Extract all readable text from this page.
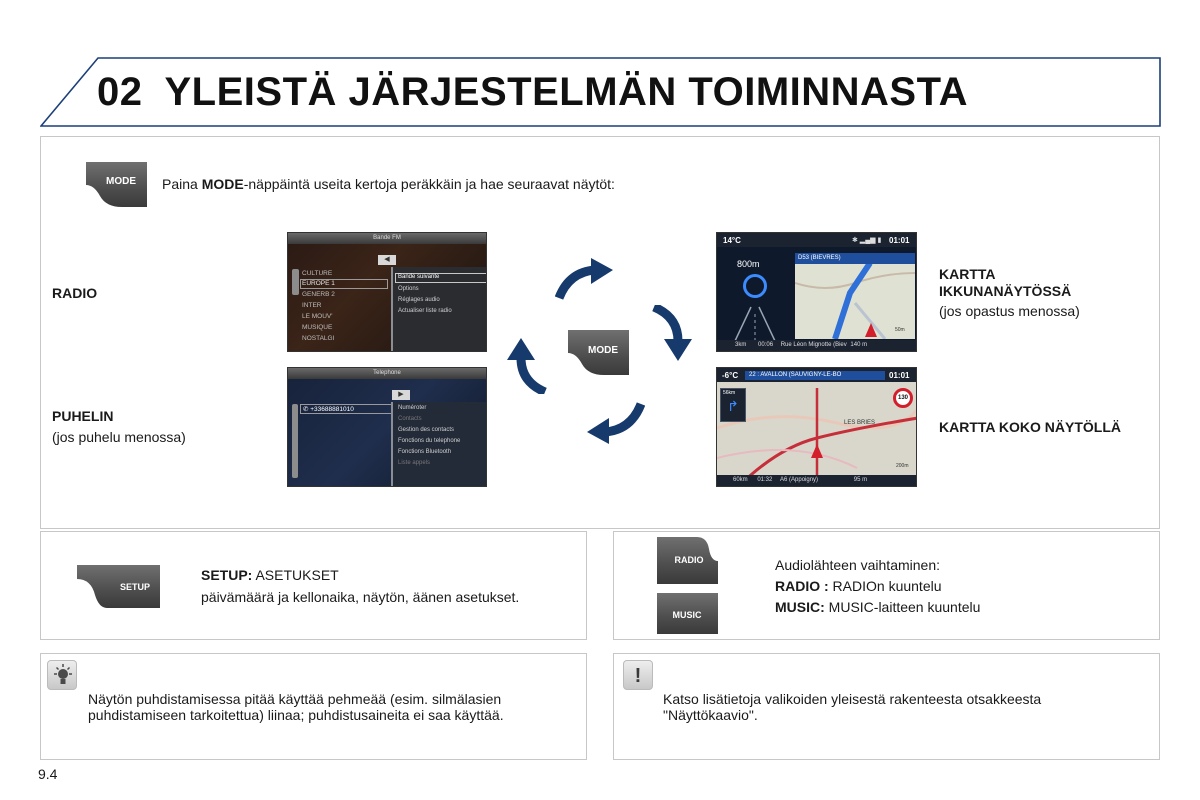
02 YLEISTÄ JÄRJESTELMÄN TOIMINNASTA
MODE	Paina MODE-näppäintä useita kertoja peräkkäin ja hae seuraavat näytöt:
RADIO
PUHELIN
(jos puhelu menossa)
KARTTA
IKKUNANÄYTÖSSÄ
(jos opastus menossa)
KARTTA KOKO NÄYTÖLLÄ
Bande FM
CULTURE
EUROPE 1
GENERB 2
INTER
LE MOUV'
MUSIQUE
NOSTALGI
◀
Bande suivante
Options
Réglages audio
Actualiser liste radio
Telephone
✆ +33688881010
▶
Numéroter
Contacts
Gestion des contacts
Fonctions du telephone
Fonctions Bluetooth
Liste appels
14°C	01:01
✱ ▂▄▆ ▮
800m
D53 (BIEVRES)
50m
3km 00:06 Rue Léon Mignotte (Biev 140 m
-6°C	22 : AVALLON (SAUVIGNY-LE-BO	01:01
56km
↱	130
LES BRIES
200m
60km 01:32 A6 (Appoigny)	95 m
MODE
SETUP
SETUP: ASETUKSET
päivämäärä ja kellonaika, näytön, äänen asetukset.
RADIO
MUSIC
Audiolähteen vaihtaminen:
RADIO : RADIOn kuuntelu
MUSIC: MUSIC-laitteen kuuntelu
Näytön puhdistamisessa pitää käyttää pehmeää (esim. silmälasien
puhdistamiseen tarkoitettua) liinaa; puhdistusaineita ei saa käyttää.
!
Katso lisätietoja valikoiden yleisestä rakenteesta otsakkeesta
"Näyttökaavio".
9.4
